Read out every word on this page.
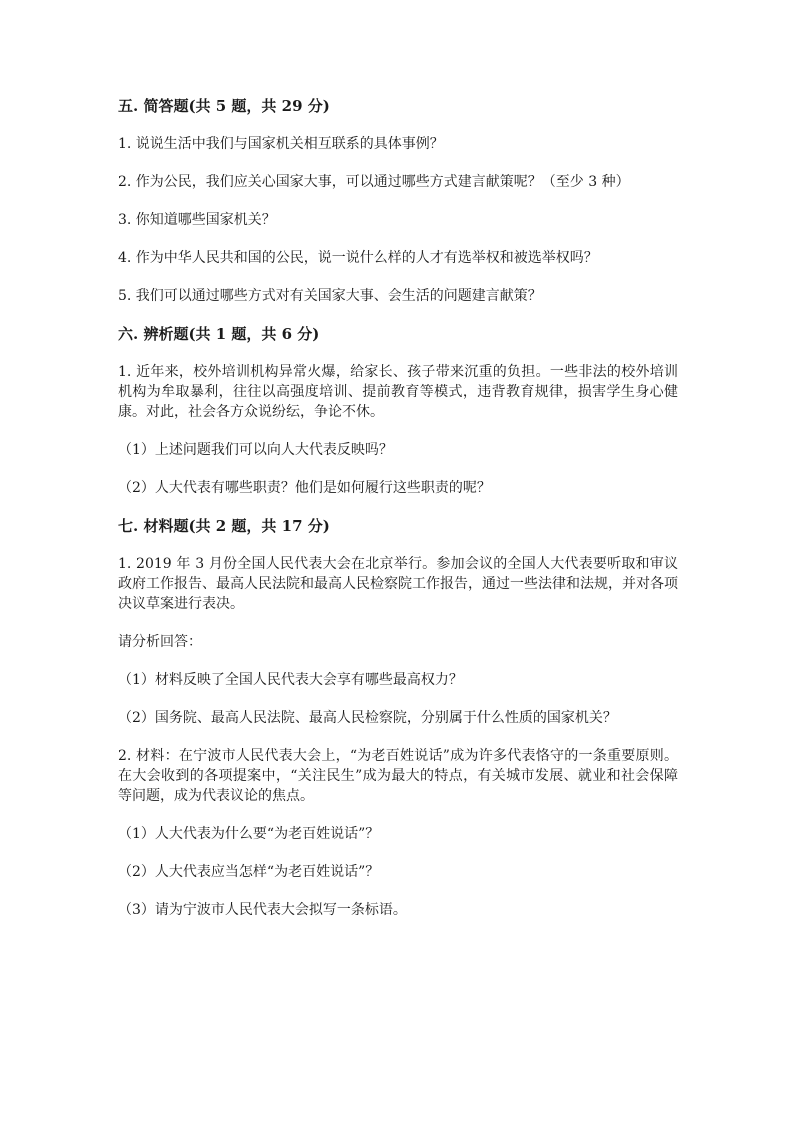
五. 简答题(共 5 题，共 29 分)
1. 说说生活中我们与国家机关相互联系的具体事例？
2. 作为公民，我们应关心国家大事，可以通过哪些方式建言献策呢？（至少 3 种）
3. 你知道哪些国家机关？
4. 作为中华人民共和国的公民，说一说什么样的人才有选举权和被选举权吗？
5. 我们可以通过哪些方式对有关国家大事、会生活的问题建言献策？
六. 辨析题(共 1 题，共 6 分)
1. 近年来，校外培训机构异常火爆，给家长、孩子带来沉重的负担。一些非法的校外培训机构为牟取暴利，往往以高强度培训、提前教育等模式，违背教育规律，损害学生身心健康。对此，社会各方众说纷纭，争论不休。
（1）上述问题我们可以向人大代表反映吗？
（2）人大代表有哪些职责？他们是如何履行这些职责的呢？
七. 材料题(共 2 题，共 17 分)
1. 2019 年 3 月份全国人民代表大会在北京举行。参加会议的全国人大代表要听取和审议政府工作报告、最高人民法院和最高人民检察院工作报告，通过一些法律和法规，并对各项决议草案进行表决。
请分析回答：
（1）材料反映了全国人民代表大会享有哪些最高权力？
（2）国务院、最高人民法院、最高人民检察院，分别属于什么性质的国家机关？
2. 材料：在宁波市人民代表大会上，“为老百姓说话”成为许多代表恪守的一条重要原则。在大会收到的各项提案中，“关注民生”成为最大的特点，有关城市发展、就业和社会保障等问题，成为代表议论的焦点。
（1）人大代表为什么要“为老百姓说话”？
（2）人大代表应当怎样“为老百姓说话”？
（3）请为宁波市人民代表大会拟写一条标语。
